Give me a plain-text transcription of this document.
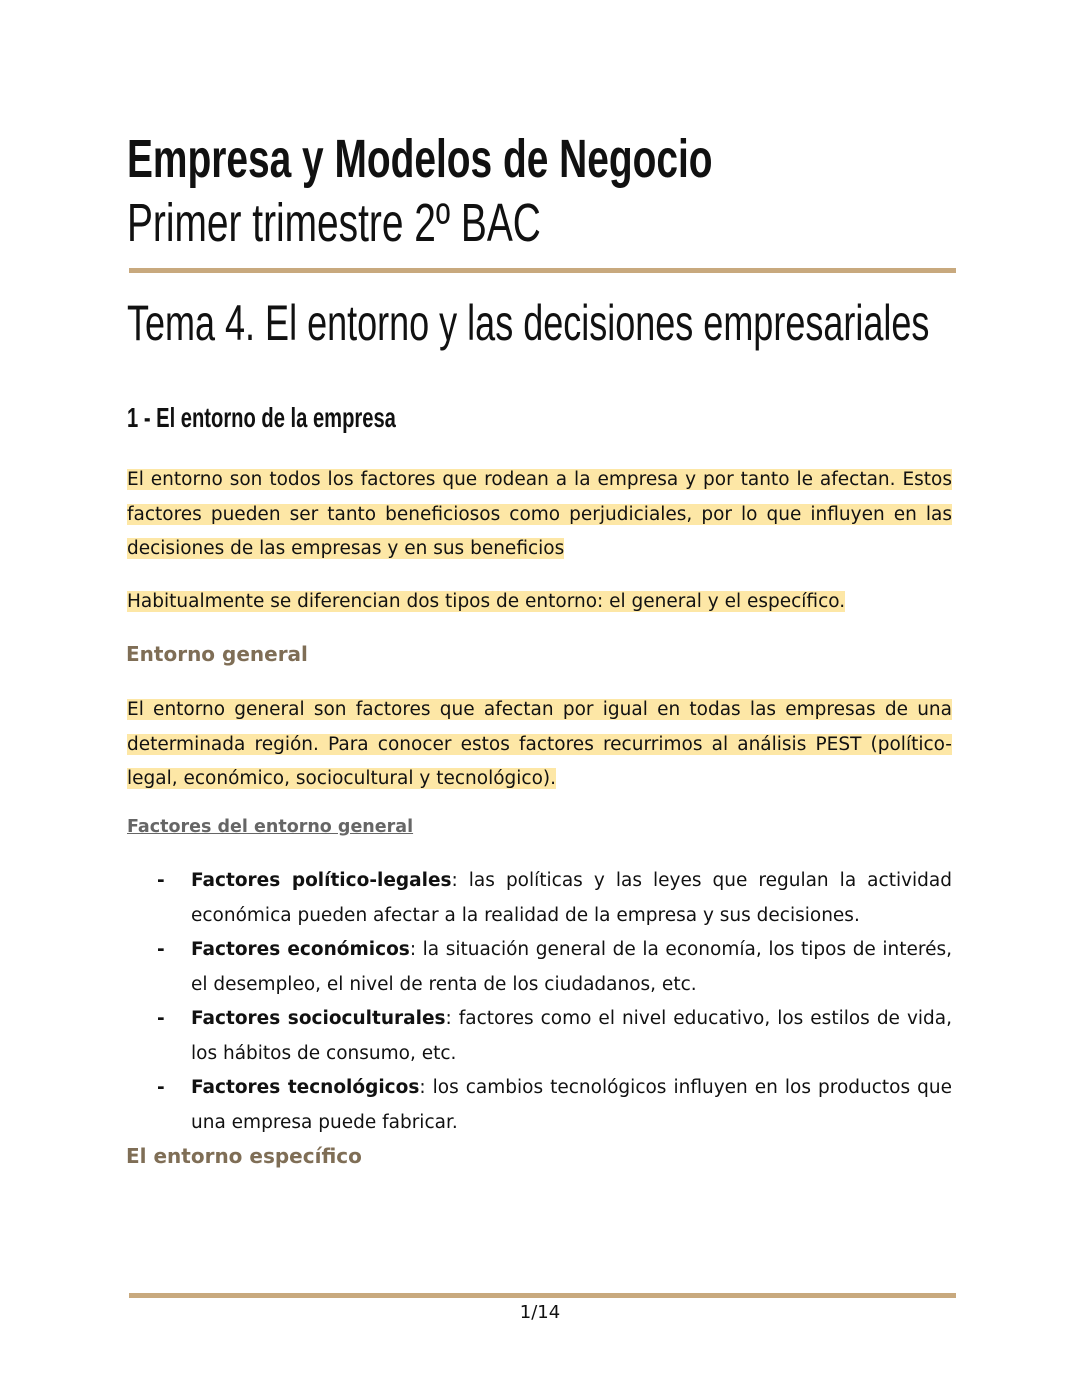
Empresa y Modelos de Negocio
Primer trimestre 2º BAC
Tema 4. El entorno y las decisiones empresariales
1 - El entorno de la empresa

El entorno son todos los factores que rodean a la empresa y por tanto le afectan. Estos factores pueden ser tanto beneficiosos como perjudiciales, por lo que influyen en las decisiones de las empresas y en sus beneficios

Habitualmente se diferencian dos tipos de entorno: el general y el específico.

Entorno general

El entorno general son factores que afectan por igual en todas las empresas de una determinada región. Para conocer estos factores recurrimos al análisis PEST (político-legal, económico, sociocultural y tecnológico).

Factores del entorno general
- Factores político-legales: las políticas y las leyes que regulan la actividad económica pueden afectar a la realidad de la empresa y sus decisiones.
- Factores económicos: la situación general de la economía, los tipos de interés, el desempleo, el nivel de renta de los ciudadanos, etc.
- Factores socioculturales: factores como el nivel educativo, los estilos de vida, los hábitos de consumo, etc.
- Factores tecnológicos: los cambios tecnológicos influyen en los productos que una empresa puede fabricar.
El entorno específico
1/14
